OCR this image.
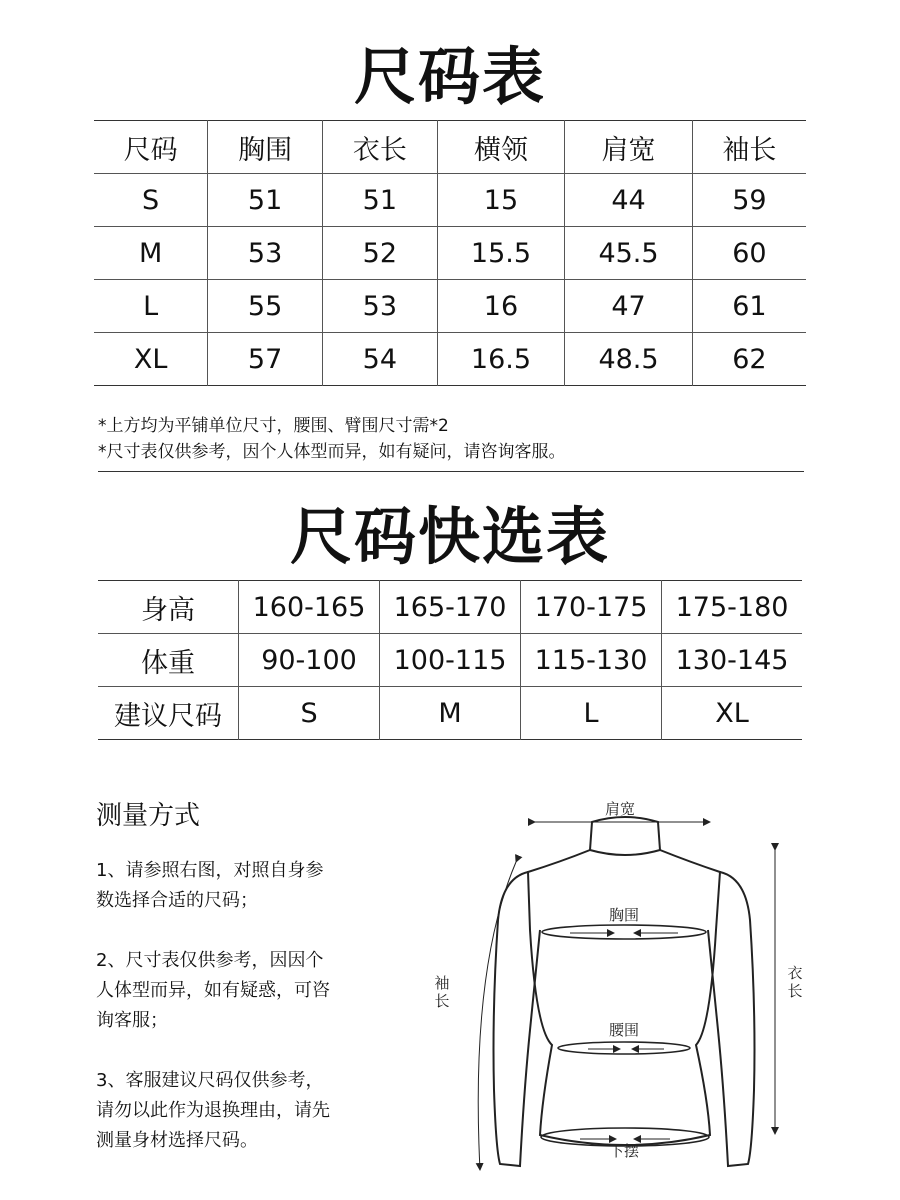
尺码表
尺码	胸围	衣长	横领	肩宽	袖长
S	51	51	15	44	59
M	53	52	15.5	45.5	60
L	55	53	16	47	61
XL	57	54	16.5	48.5	62
*上方均为平铺单位尺寸，腰围、臂围尺寸需*2
*尺寸表仅供参考，因个人体型而异，如有疑问，请咨询客服。
尺码快选表
身高	160-165	165-170	170-175	175-180
体重	90-100	100-115	115-130	130-145
建议尺码	S	M	L	XL
测量方式

1、请参照右图，对照自身参数选择合适的尺码；

2、尺寸表仅供参考，因因个人体型而异，如有疑惑，可咨询客服；

3、客服建议尺码仅供参考，请勿以此作为退换理由，请先测量身材选择尺码。

肩宽
胸围
腰围
下摆
袖
长
衣
长
